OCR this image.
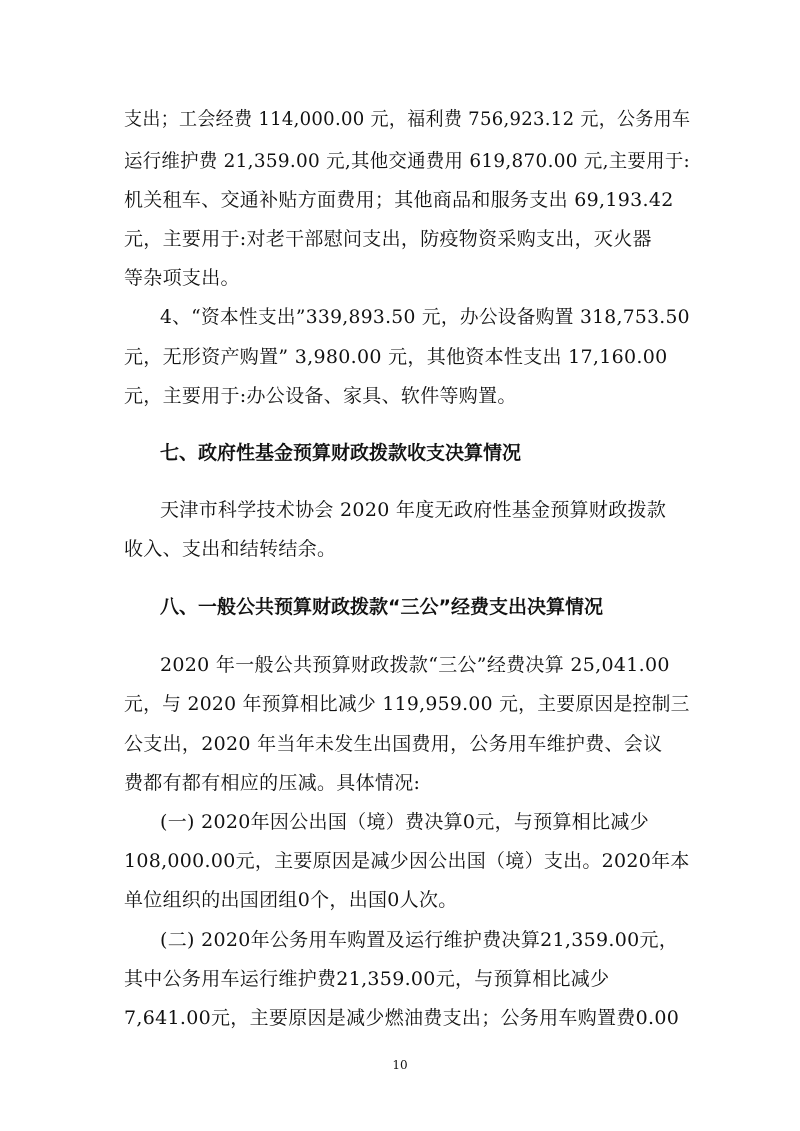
支出；工会经费 114,000.00 元，福利费 756,923.12 元，公务用车
运行维护费 21,359.00 元,其他交通费用 619,870.00 元,主要用于:
机关租车、交通补贴方面费用；其他商品和服务支出 69,193.42
元，主要用于:对老干部慰问支出，防疫物资采购支出，灭火器
等杂项支出。
4、“资本性支出”339,893.50 元，办公设备购置 318,753.50
元，无形资产购置” 3,980.00 元，其他资本性支出 17,160.00
元，主要用于:办公设备、家具、软件等购置。
七、政府性基金预算财政拨款收支决算情况
天津市科学技术协会 2020 年度无政府性基金预算财政拨款
收入、支出和结转结余。
八、一般公共预算财政拨款“三公”经费支出决算情况
2020 年一般公共预算财政拨款“三公”经费决算 25,041.00
元，与 2020 年预算相比减少 119,959.00 元，主要原因是控制三
公支出，2020 年当年未发生出国费用，公务用车维护费、会议
费都有都有相应的压减。具体情况:
(一) 2020年因公出国（境）费决算0元，与预算相比减少
108,000.00元，主要原因是减少因公出国（境）支出。2020年本
单位组织的出国团组0个，出国0人次。
(二) 2020年公务用车购置及运行维护费决算21,359.00元，
其中公务用车运行维护费21,359.00元，与预算相比减少
7,641.00元，主要原因是减少燃油费支出；公务用车购置费0.00
10
